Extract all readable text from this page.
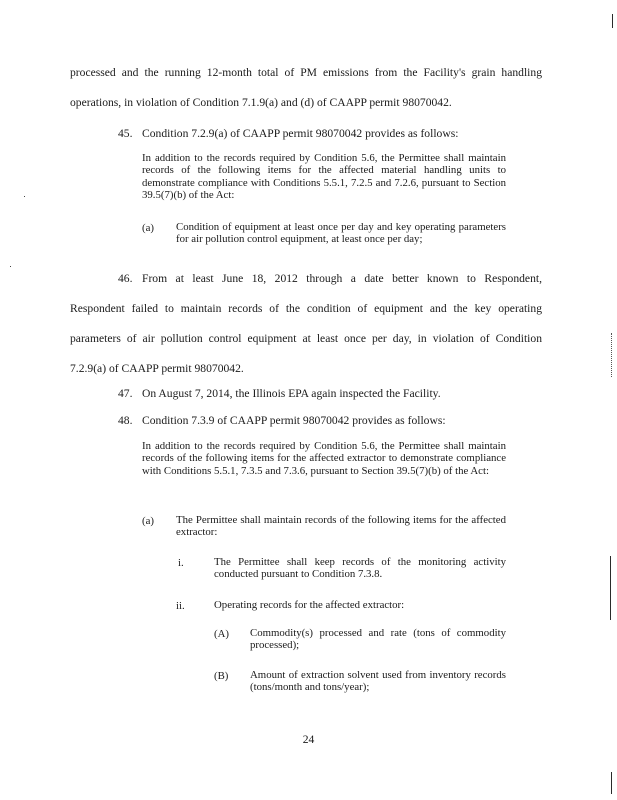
processed and the running 12-month total of PM emissions from the Facility's grain handling
operations, in violation of Condition 7.1.9(a) and (d) of CAAPP permit 98070042.
45. Condition 7.2.9(a) of CAAPP permit 98070042 provides as follows:
In addition to the records required by Condition 5.6, the Permittee shall maintain records of the following items for the affected material handling units to demonstrate compliance with Conditions 5.5.1, 7.2.5 and 7.2.6, pursuant to Section 39.5(7)(b) of the Act:
(a) Condition of equipment at least once per day and key operating parameters for air pollution control equipment, at least once per day;
46. From at least June 18, 2012 through a date better known to Respondent,
Respondent failed to maintain records of the condition of equipment and the key operating
parameters of air pollution control equipment at least once per day, in violation of Condition
7.2.9(a) of CAAPP permit 98070042.
47. On August 7, 2014, the Illinois EPA again inspected the Facility.
48. Condition 7.3.9 of CAAPP permit 98070042 provides as follows:
In addition to the records required by Condition 5.6, the Permittee shall maintain records of the following items for the affected extractor to demonstrate compliance with Conditions 5.5.1, 7.3.5 and 7.3.6, pursuant to Section 39.5(7)(b) of the Act:
(a) The Permittee shall maintain records of the following items for the affected extractor:
i.	The Permittee shall keep records of the monitoring activity conducted pursuant to Condition 7.3.8.
ii.	Operating records for the affected extractor:
(A) Commodity(s) processed and rate (tons of commodity processed);
(B) Amount of extraction solvent used from inventory records (tons/month and tons/year);
24
